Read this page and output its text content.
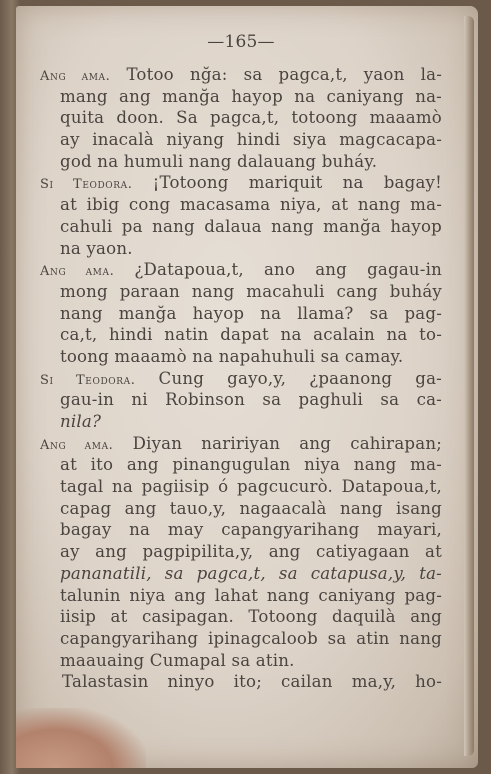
—165—
Ang ama. Totoo nğa: sa pagca,t, yaon la-
mang ang manğa hayop na caniyang na-
quita doon. Sa pagca,t, totoong maaamò
ay inacalà niyang hindi siya magcacapa-
god na humuli nang dalauang buháy.
Si Teodora. ¡Totoong mariquit na bagay!
at ibig cong macasama niya, at nang ma-
cahuli pa nang dalaua nang manğa hayop
na yaon.
Ang ama. ¿Datapoua,t, ano ang gagau-in
mong paraan nang macahuli cang buháy
nang manğa hayop na llama? sa pag-
ca,t, hindi natin dapat na acalain na to-
toong maaamò na napahuhuli sa camay.
Si Teodora. Cung gayo,y, ¿paanong ga-
gau-in ni Robinson sa paghuli sa ca-
nila?
Ang ama. Diyan naririyan ang cahirapan;
at ito ang pinangugulan niya nang ma-
tagal na pagiisip ó pagcucurò. Datapoua,t,
capag ang tauo,y, nagaacalà nang isang
bagay na may capangyarihang mayari,
ay ang pagpipilita,y, ang catiyagaan at
pananatili, sa pagca,t, sa catapusa,y, ta-
talunin niya ang lahat nang caniyang pag-
iisip at casipagan. Totoong daquilà ang
capangyarihang ipinagcaloob sa atin nang
maauaing Cumapal sa atin.
Talastasin ninyo ito; cailan ma,y, ho-
